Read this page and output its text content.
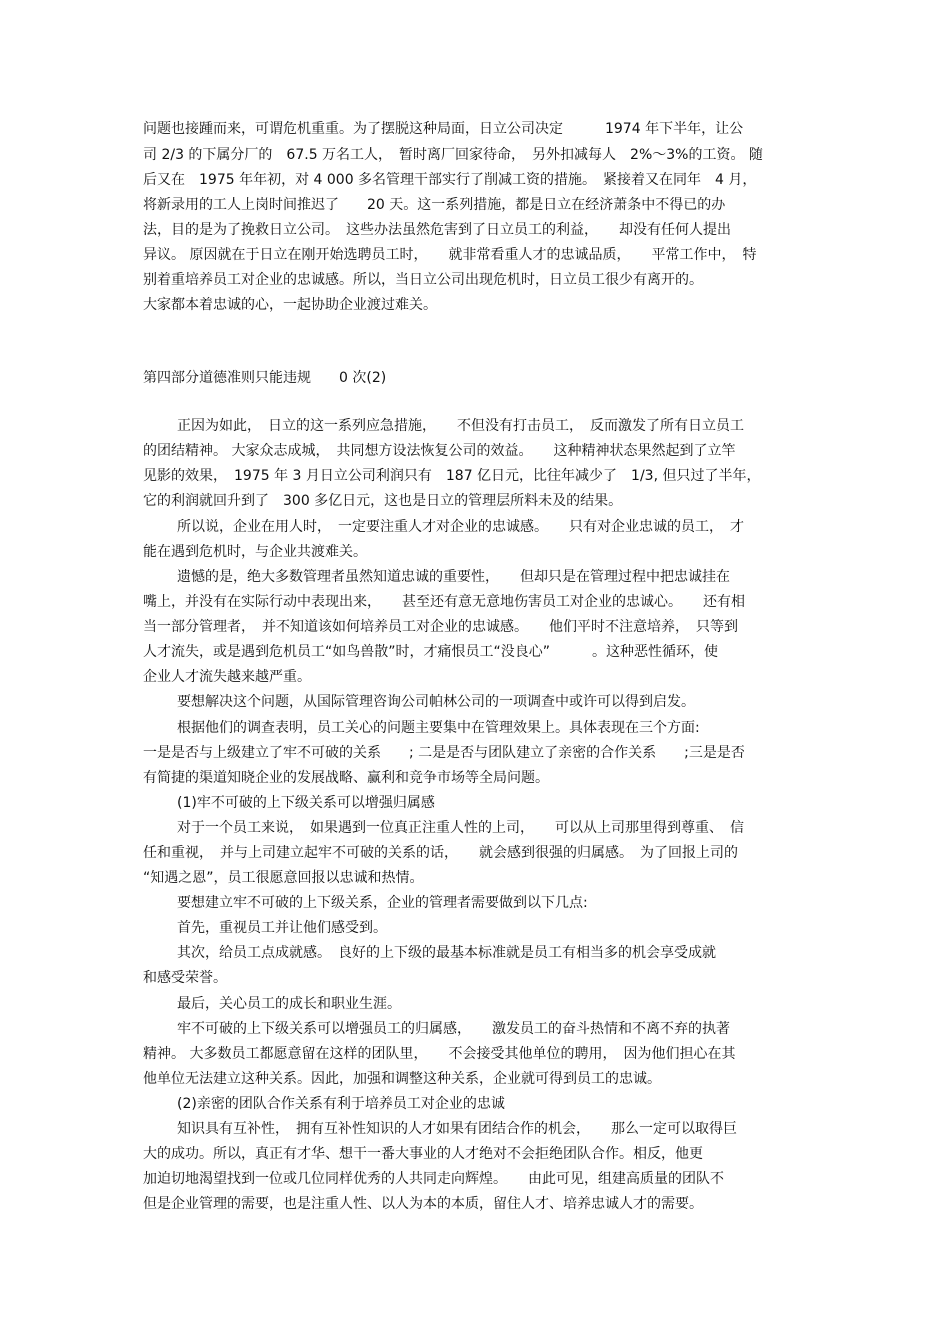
问题也接踵而来，可谓危机重重。为了摆脱这种局面，日立公司决定　　　1974 年下半年，让公
司 2/3 的下属分厂的　67.5 万名工人，　暂时离厂回家待命，　另外扣减每人　2%～3%的工资。 随
后又在　1975 年年初，对 4 000 多名管理干部实行了削减工资的措施。　紧接着又在同年　4 月，
将新录用的工人上岗时间推迟了　　20 天。这一系列措施，都是日立在经济萧条中不得已的办
法，目的是为了挽救日立公司。　这些办法虽然危害到了日立员工的利益，　　却没有任何人提出
异议。 原因就在于日立在刚开始选聘员工时，　　就非常看重人才的忠诚品质，　　平常工作中，　特
别着重培养员工对企业的忠诚感。所以，当日立公司出现危机时，日立员工很少有离开的。
大家都本着忠诚的心，一起协助企业渡过难关。
第四部分道德准则只能违规　　0 次(2)
正因为如此，　日立的这一系列应急措施，　　不但没有打击员工，　反而激发了所有日立员工
的团结精神。 大家众志成城，　共同想方设法恢复公司的效益。　　这种精神状态果然起到了立竿
见影的效果，　1975 年 3 月日立公司利润只有　187 亿日元，比往年减少了　1/3, 但只过了半年，
它的利润就回升到了　300 多亿日元，这也是日立的管理层所料未及的结果。
所以说，企业在用人时，　一定要注重人才对企业的忠诚感。　　只有对企业忠诚的员工，　才
能在遇到危机时，与企业共渡难关。
遗憾的是，绝大多数管理者虽然知道忠诚的重要性，　　但却只是在管理过程中把忠诚挂在
嘴上，并没有在实际行动中表现出来，　　甚至还有意无意地伤害员工对企业的忠诚心。　　还有相
当一部分管理者，　并不知道该如何培养员工对企业的忠诚感。　　他们平时不注意培养，　只等到
人才流失，或是遇到危机员工“如鸟兽散”时，才痛恨员工“没良心”　　　。这种恶性循环，使
企业人才流失越来越严重。
要想解决这个问题，从国际管理咨询公司帕林公司的一项调查中或许可以得到启发。
根据他们的调查表明，员工关心的问题主要集中在管理效果上。具体表现在三个方面:
一是是否与上级建立了牢不可破的关系　　; 二是是否与团队建立了亲密的合作关系　　;三是是否
有简捷的渠道知晓企业的发展战略、赢利和竞争市场等全局问题。
(1)牢不可破的上下级关系可以增强归属感
对于一个员工来说，　如果遇到一位真正注重人性的上司，　　可以从上司那里得到尊重、　信
任和重视，　并与上司建立起牢不可破的关系的话，　　就会感到很强的归属感。　为了回报上司的
“知遇之恩”，员工很愿意回报以忠诚和热情。
要想建立牢不可破的上下级关系，企业的管理者需要做到以下几点:
首先，重视员工并让他们感受到。
其次，给员工点成就感。　良好的上下级的最基本标准就是员工有相当多的机会享受成就
和感受荣誉。
最后，关心员工的成长和职业生涯。
牢不可破的上下级关系可以增强员工的归属感，　　激发员工的奋斗热情和不离不弃的执著
精神。 大多数员工都愿意留在这样的团队里，　　不会接受其他单位的聘用，　因为他们担心在其
他单位无法建立这种关系。因此，加强和调整这种关系，企业就可得到员工的忠诚。
(2)亲密的团队合作关系有利于培养员工对企业的忠诚
知识具有互补性，　拥有互补性知识的人才如果有团结合作的机会，　　那么一定可以取得巨
大的成功。所以，真正有才华、想干一番大事业的人才绝对不会拒绝团队合作。相反，他更
加迫切地渴望找到一位或几位同样优秀的人共同走向辉煌。　　由此可见，组建高质量的团队不
但是企业管理的需要，也是注重人性、以人为本的本质，留住人才、培养忠诚人才的需要。
